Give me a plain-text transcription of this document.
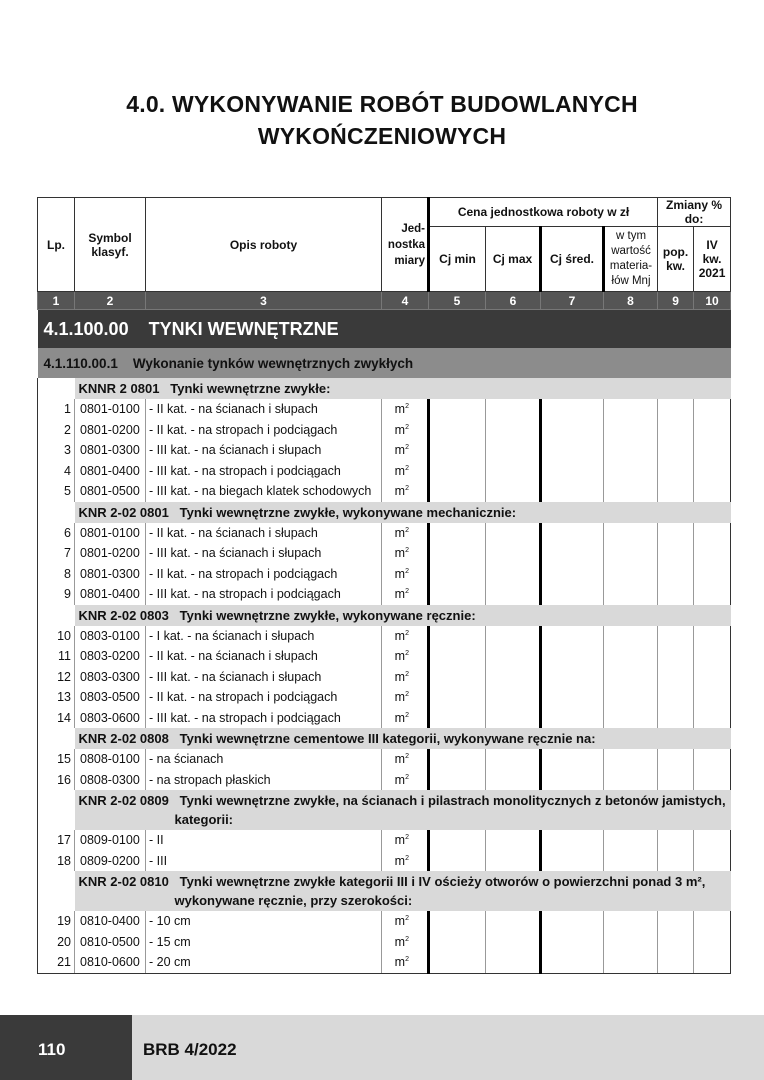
4.0. WYKONYWANIE ROBÓT BUDOWLANYCH
WYKOŃCZENIOWYCH
Lp.	Symbol klasyf.	Opis roboty	Jed-nostka miary	Cena jednostkowa roboty w zł				Zmiany % do:	
				Cj min	Cj max	Cj śred.	w tym wartość materia-łów Mnj	pop. kw.	IV kw. 2021
1	2	3	4	5	6	7	8	9	10
4.1.100.00 TYNKI WEWNĘTRZNE									
4.1.110.00.1 Wykonanie tynków wewnętrznych zwykłych									
	KNNR 2 0801 Tynki wewnętrzne zwykłe:								
1	0801-0100	- II kat. - na ścianach i słupach	$m^2$						
2	0801-0200	- II kat. - na stropach i podciągach	$m^2$						
3	0801-0300	- III kat. - na ścianach i słupach	$m^2$						
4	0801-0400	- III kat. - na stropach i podciągach	$m^2$						
5	0801-0500	- III kat. - na biegach klatek schodowych	$m^2$						
	KNR 2-02 0801 Tynki wewnętrzne zwykłe, wykonywane mechanicznie:								
6	0801-0100	- II kat. - na ścianach i słupach	$m^2$						
7	0801-0200	- III kat. - na ścianach i słupach	$m^2$						
8	0801-0300	- II kat. - na stropach i podciągach	$m^2$						
9	0801-0400	- III kat. - na stropach i podciągach	$m^2$						
	KNR 2-02 0803 Tynki wewnętrzne zwykłe, wykonywane ręcznie:								
10	0803-0100	- I kat. - na ścianach i słupach	$m^2$						
11	0803-0200	- II kat. - na ścianach i słupach	$m^2$						
12	0803-0300	- III kat. - na ścianach i słupach	$m^2$						
13	0803-0500	- II kat. - na stropach i podciągach	$m^2$						
14	0803-0600	- III kat. - na stropach i podciągach	$m^2$						
	KNR 2-02 0808 Tynki wewnętrzne cementowe III kategorii, wykonywane ręcznie na:								
15	0808-0100	- na ścianach	$m^2$						
16	0808-0300	- na stropach płaskich	$m^2$						
	KNR 2-02 0809 Tynki wewnętrzne zwykłe, na ścianach i pilastrach monolitycznych z betonów jamistych,
kategorii:								

17	0809-0100	- II	$m^2$						
18	0809-0200	- III	$m^2$						
	KNR 2-02 0810 Tynki wewnętrzne zwykłe kategorii III i IV ościeży otworów o powierzchni ponad 3 m²,
wykonywane ręcznie, przy szerokości:								

19	0810-0400	- 10 cm	$m^2$						
20	0810-0500	- 15 cm	$m^2$						
21	0810-0600	- 20 cm	$m^2$						
110	BRB 4/2022
